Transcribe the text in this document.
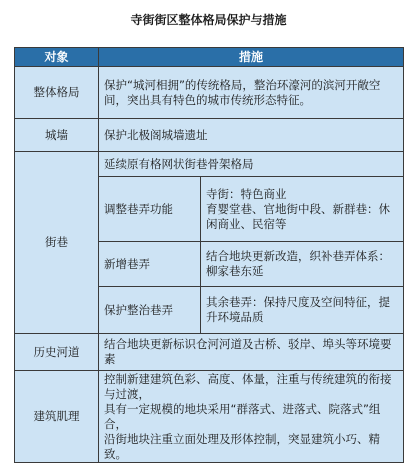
寺街街区整体格局保护与措施
对象	措施	
整体格局	保护“城河相拥”的传统格局，整治环濠河的滨河开敞空间，突出具有特色的城市传统形态特征。	
城墙	保护北极阁城墙遗址	
街巷	延续原有格网状街巷骨架格局	
	调整巷弄功能	寺街：特色商业
育婴堂巷、官地街中段、新群巷：休闲商业、民宿等
	新增巷弄	结合地块更新改造，织补巷弄体系：柳家巷东延
	保护整治巷弄	其余巷弄：保持尺度及空间特征，提升环境品质
历史河道	结合地块更新标识仓河河道及古桥、驳岸、埠头等环境要素	
建筑肌理	控制新建建筑色彩、高度、体量，注重与传统建筑的衔接与过渡，
具有一定规模的地块采用“群落式、进落式、院落式”组合，
沿街地块注重立面处理及形体控制，突显建筑小巧、精致。	
